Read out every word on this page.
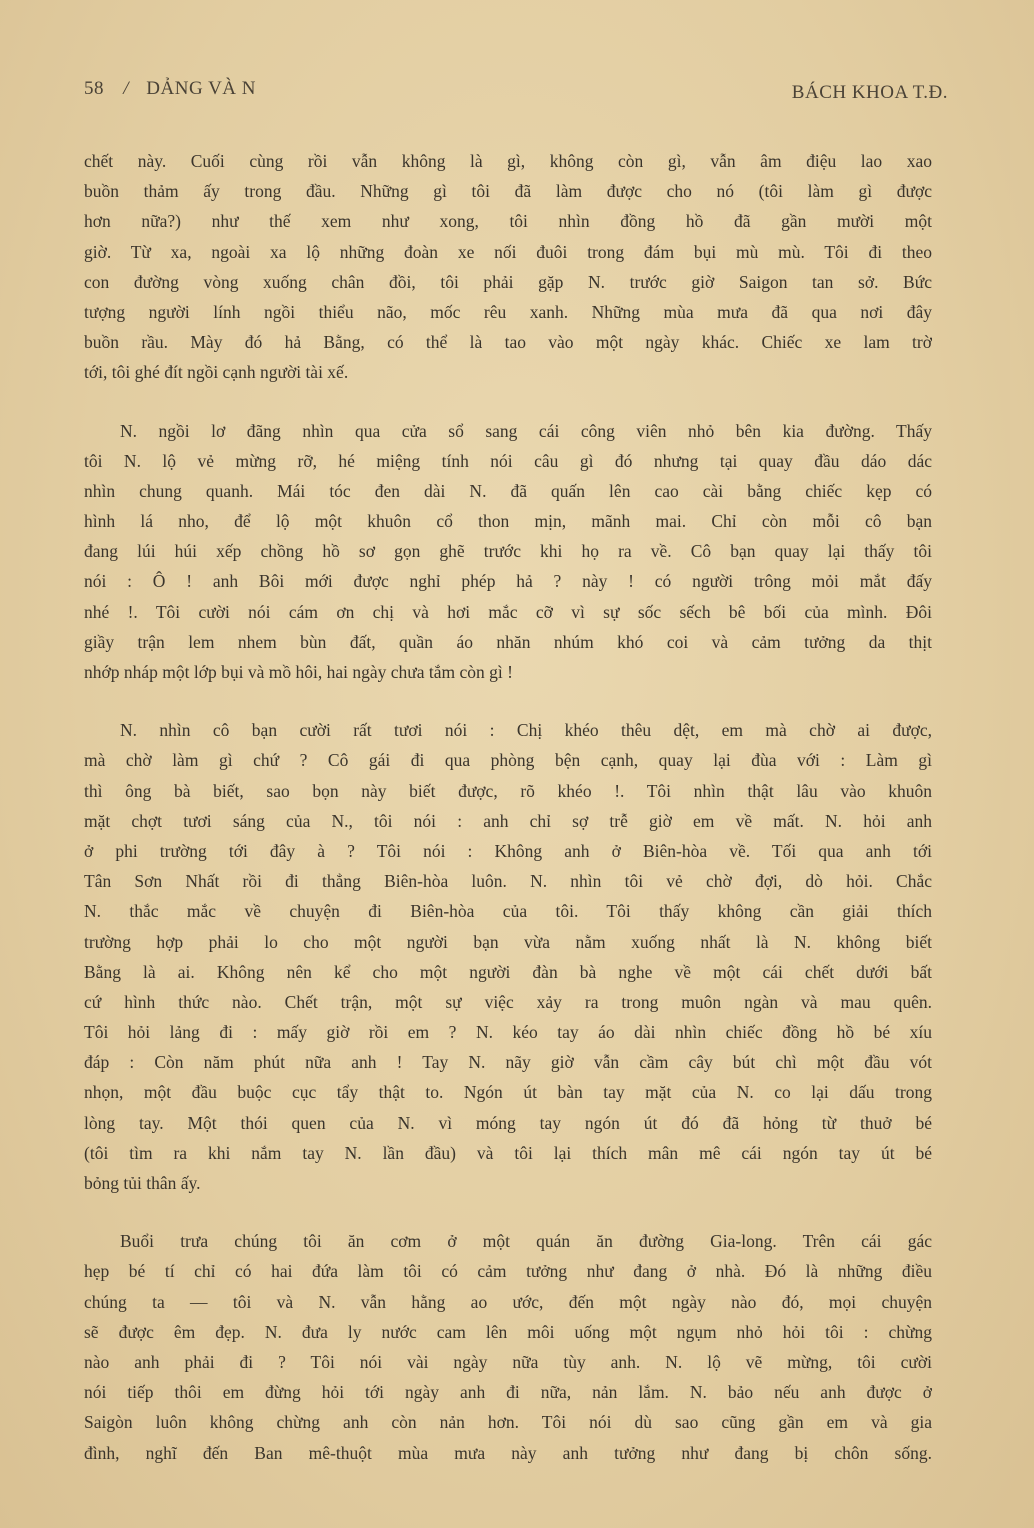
58 / DẢNG VÀ N	BÁCH KHOA T.Đ.
chết này. Cuối cùng rồi vẫn không là gì, không còn gì, vẫn âm điệu lao xao
buồn thảm ấy trong đầu. Những gì tôi đã làm được cho nó (tôi làm gì được
hơn nữa?) như thế xem như xong, tôi nhìn đồng hồ đã gần mười một
giờ. Từ xa, ngoài xa lộ những đoàn xe nối đuôi trong đám bụi mù mù. Tôi đi theo
con đường vòng xuống chân đồi, tôi phải gặp N. trước giờ Saigon tan sở. Bức
tượng người lính ngồi thiểu não, mốc rêu xanh. Những mùa mưa đã qua nơi đây
buồn rầu. Mày đó hả Bằng, có thể là tao vào một ngày khác. Chiếc xe lam trờ
tới, tôi ghé đít ngồi cạnh người tài xế.
N. ngồi lơ đãng nhìn qua cửa sổ sang cái công viên nhỏ bên kia đường. Thấy
tôi N. lộ vẻ mừng rỡ, hé miệng tính nói câu gì đó nhưng tại quay đầu dáo dác
nhìn chung quanh. Mái tóc đen dài N. đã quấn lên cao cài bằng chiếc kẹp có
hình lá nho, để lộ một khuôn cổ thon mịn, mãnh mai. Chỉ còn mỗi cô bạn
đang lúi húi xếp chồng hồ sơ gọn ghẽ trước khi họ ra về. Cô bạn quay lại thấy tôi
nói : Ô ! anh Bôi mới được nghỉ phép hả ? này ! có người trông mỏi mắt đấy
nhé !. Tôi cười nói cám ơn chị và hơi mắc cỡ vì sự sốc sếch bê bối của mình. Đôi
giầy trận lem nhem bùn đất, quần áo nhăn nhúm khó coi và cảm tưởng da thịt
nhớp nháp một lớp bụi và mồ hôi, hai ngày chưa tắm còn gì !
N. nhìn cô bạn cười rất tươi nói : Chị khéo thêu dệt, em mà chờ ai được,
mà chờ làm gì chứ ? Cô gái đi qua phòng bện cạnh, quay lại đùa với : Làm gì
thì ông bà biết, sao bọn này biết được, rõ khéo !. Tôi nhìn thật lâu vào khuôn
mặt chợt tươi sáng của N., tôi nói : anh chỉ sợ trễ giờ em về mất. N. hỏi anh
ở phi trường tới đây à ? Tôi nói : Không anh ở Biên-hòa về. Tối qua anh tới
Tân Sơn Nhất rồi đi thẳng Biên-hòa luôn. N. nhìn tôi vẻ chờ đợi, dò hỏi. Chắc
N. thắc mắc về chuyện đi Biên-hòa của tôi. Tôi thấy không cần giải thích
trường hợp phải lo cho một người bạn vừa nằm xuống nhất là N. không biết
Bằng là ai. Không nên kể cho một người đàn bà nghe về một cái chết dưới bất
cứ hình thức nào. Chết trận, một sự việc xảy ra trong muôn ngàn và mau quên.
Tôi hỏi lảng đi : mấy giờ rồi em ? N. kéo tay áo dài nhìn chiếc đồng hồ bé xíu
đáp : Còn năm phút nữa anh ! Tay N. nãy giờ vẫn cầm cây bút chì một đầu vót
nhọn, một đầu buộc cục tẩy thật to. Ngón út bàn tay mặt của N. co lại dấu trong
lòng tay. Một thói quen của N. vì móng tay ngón út đó đã hỏng từ thuở bé
(tôi tìm ra khi nắm tay N. lần đầu) và tôi lại thích mân mê cái ngón tay út bé
bỏng tủi thân ấy.
Buổi trưa chúng tôi ăn cơm ở một quán ăn đường Gia-long. Trên cái gác
hẹp bé tí chỉ có hai đứa làm tôi có cảm tưởng như đang ở nhà. Đó là những điều
chúng ta — tôi và N. vẫn hằng ao ước, đến một ngày nào đó, mọi chuyện
sẽ được êm đẹp. N. đưa ly nước cam lên môi uống một ngụm nhỏ hỏi tôi : chừng
nào anh phải đi ? Tôi nói vài ngày nữa tùy anh. N. lộ vẽ mừng, tôi cười
nói tiếp thôi em đừng hỏi tới ngày anh đi nữa, nản lắm. N. bảo nếu anh được ở
Saigòn luôn không chừng anh còn nản hơn. Tôi nói dù sao cũng gần em và gia
đình, nghĩ đến Ban mê-thuột mùa mưa này anh tưởng như đang bị chôn sống.
